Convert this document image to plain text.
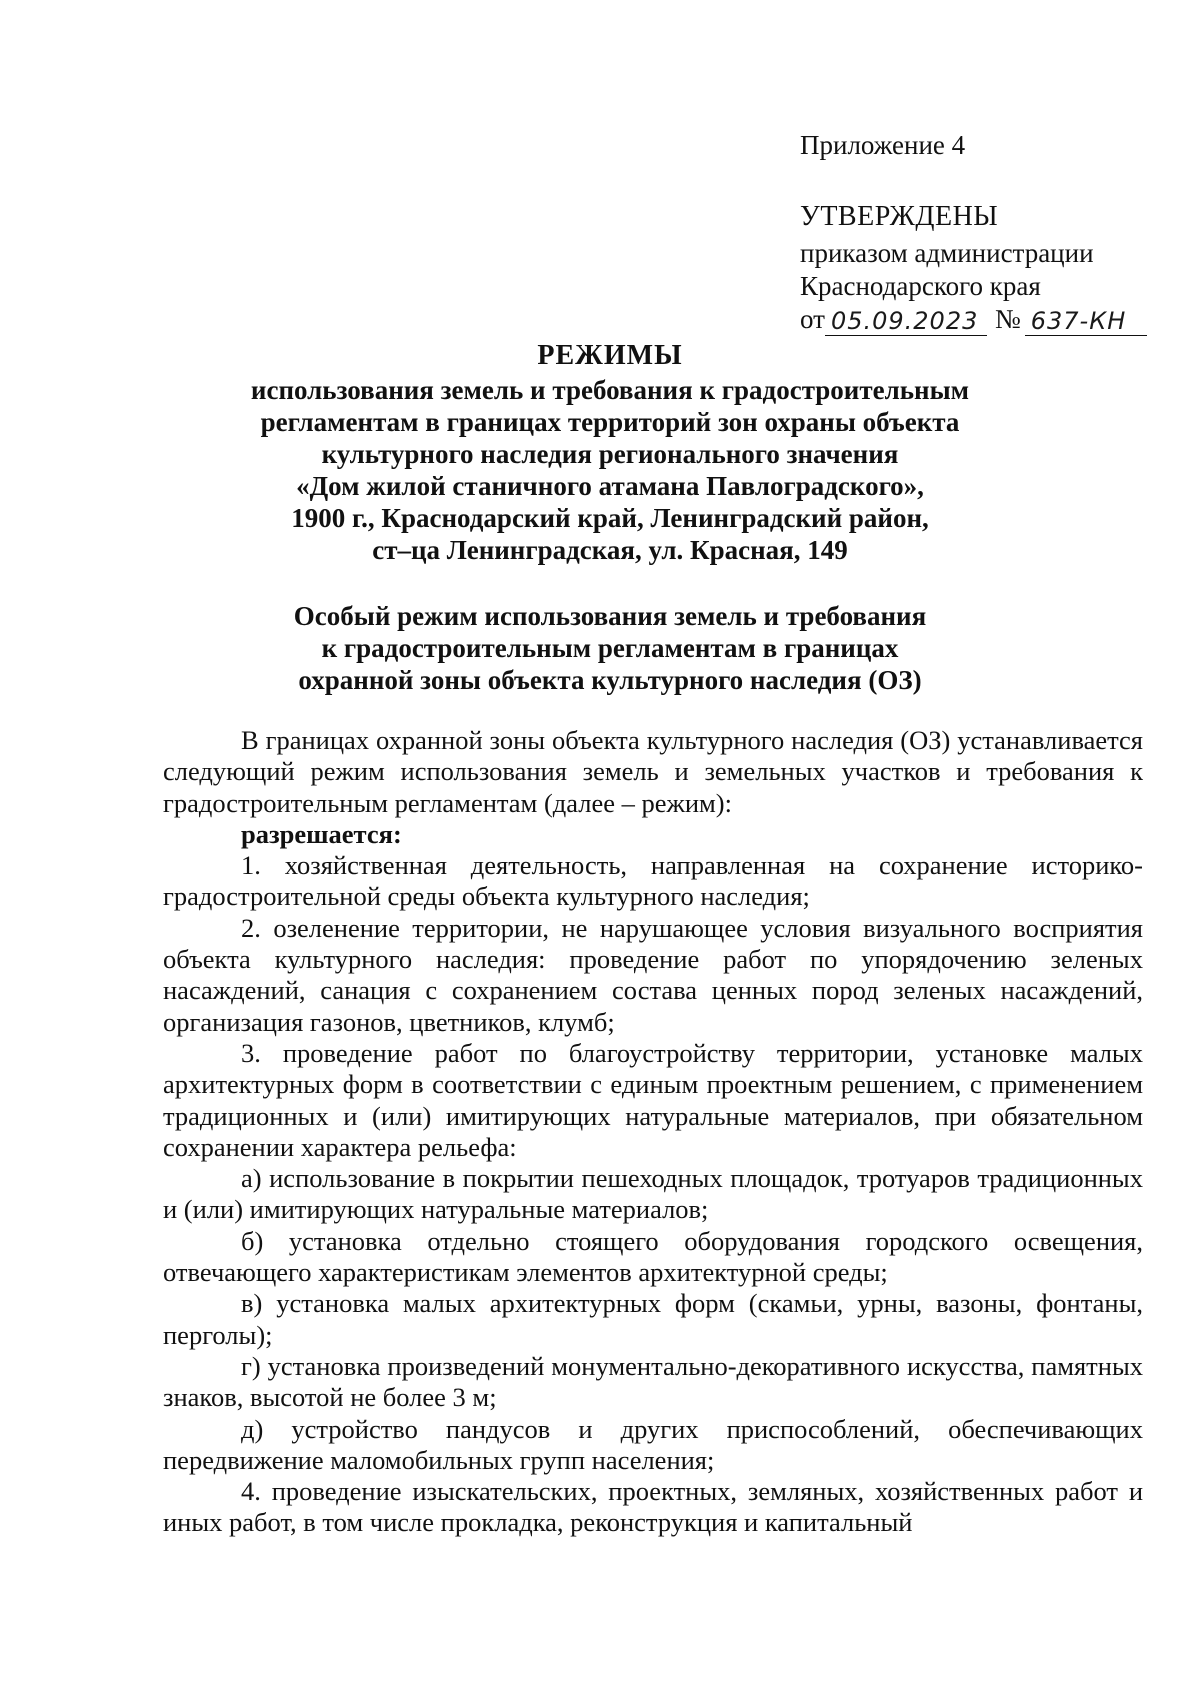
Приложение 4
УТВЕРЖДЕНЫ
приказом администрации
Краснодарского края
от 05.09.2023 № 637-КН
РЕЖИМЫ
использования земель и требования к градостроительным
регламентам в границах территорий зон охраны объекта
культурного наследия регионального значения
«Дом жилой станичного атамана Павлоградского»,
1900 г., Краснодарский край, Ленинградский район,
ст–ца Ленинградская, ул. Красная, 149
Особый режим использования земель и требования
к градостроительным регламентам в границах
охранной зоны объекта культурного наследия (ОЗ)

В границах охранной зоны объекта культурного наследия (ОЗ) устанавливается следующий режим использования земель и земельных участков и требования к градостроительным регламентам (далее – режим):

разрешается:

1. хозяйственная деятельность, направленная на сохранение историко-градостроительной среды объекта культурного наследия;

2. озеленение территории, не нарушающее условия визуального восприятия объекта культурного наследия: проведение работ по упорядочению зеленых насаждений, санация с сохранением состава ценных пород зеленых насаждений, организация газонов, цветников, клумб;

3. проведение работ по благоустройству территории, установке малых архитектурных форм в соответствии с единым проектным решением, с применением традиционных и (или) имитирующих натуральные материалов, при обязательном сохранении характера рельефа:

а) использование в покрытии пешеходных площадок, тротуаров традиционных и (или) имитирующих натуральные материалов;

б) установка отдельно стоящего оборудования городского освещения, отвечающего характеристикам элементов архитектурной среды;

в) установка малых архитектурных форм (скамьи, урны, вазоны, фонтаны, перголы);

г) установка произведений монументально-декоративного искусства, памятных знаков, высотой не более 3 м;

д) устройство пандусов и других приспособлений, обеспечивающих передвижение маломобильных групп населения;

4. проведение изыскательских, проектных, земляных, хозяйственных работ и иных работ, в том числе прокладка, реконструкция и капитальный
